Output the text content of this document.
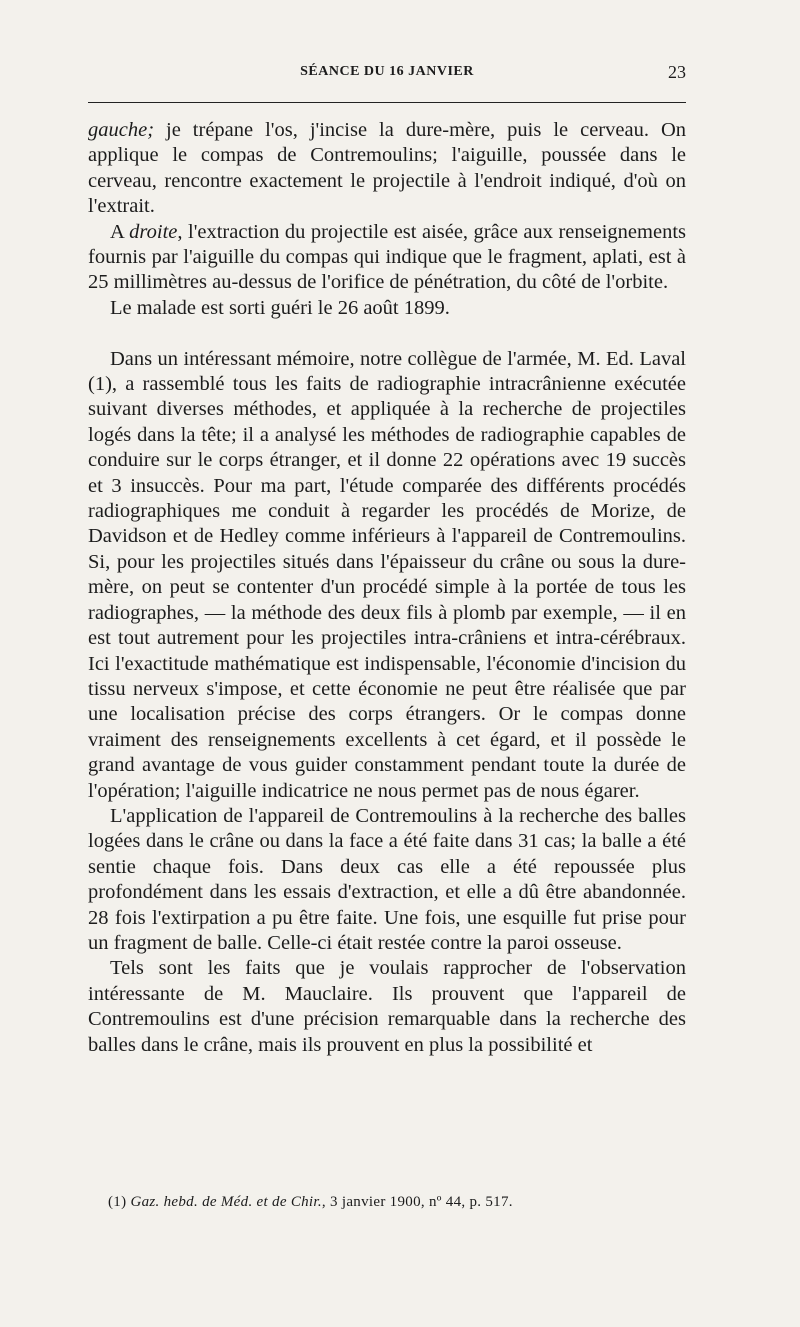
SÉANCE DU 16 JANVIER	23

gauche; je trépane l'os, j'incise la dure-mère, puis le cerveau. On applique le compas de Contremoulins; l'aiguille, poussée dans le cerveau, rencontre exactement le projectile à l'endroit indiqué, d'où on l'extrait.

A droite, l'extraction du projectile est aisée, grâce aux renseignements fournis par l'aiguille du compas qui indique que le fragment, aplati, est à 25 millimètres au-dessus de l'orifice de pénétration, du côté de l'orbite.

Le malade est sorti guéri le 26 août 1899.

Dans un intéressant mémoire, notre collègue de l'armée, M. Ed. Laval (1), a rassemblé tous les faits de radiographie intracrânienne exécutée suivant diverses méthodes, et appliquée à la recherche de projectiles logés dans la tête; il a analysé les méthodes de radiographie capables de conduire sur le corps étranger, et il donne 22 opérations avec 19 succès et 3 insuccès. Pour ma part, l'étude comparée des différents procédés radiographiques me conduit à regarder les procédés de Morize, de Davidson et de Hedley comme inférieurs à l'appareil de Contremoulins. Si, pour les projectiles situés dans l'épaisseur du crâne ou sous la dure-mère, on peut se contenter d'un procédé simple à la portée de tous les radiographes, — la méthode des deux fils à plomb par exemple, — il en est tout autrement pour les projectiles intra-crâniens et intra-cérébraux. Ici l'exactitude mathématique est indispensable, l'économie d'incision du tissu nerveux s'impose, et cette économie ne peut être réalisée que par une localisation précise des corps étrangers. Or le compas donne vraiment des renseignements excellents à cet égard, et il possède le grand avantage de vous guider constamment pendant toute la durée de l'opération; l'aiguille indicatrice ne nous permet pas de nous égarer.

L'application de l'appareil de Contremoulins à la recherche des balles logées dans le crâne ou dans la face a été faite dans 31 cas; la balle a été sentie chaque fois. Dans deux cas elle a été repoussée plus profondément dans les essais d'extraction, et elle a dû être abandonnée. 28 fois l'extirpation a pu être faite. Une fois, une esquille fut prise pour un fragment de balle. Celle-ci était restée contre la paroi osseuse.

Tels sont les faits que je voulais rapprocher de l'observation intéressante de M. Mauclaire. Ils prouvent que l'appareil de Contremoulins est d'une précision remarquable dans la recherche des balles dans le crâne, mais ils prouvent en plus la possibilité et

(1) Gaz. hebd. de Méd. et de Chir., 3 janvier 1900, nº 44, p. 517.
